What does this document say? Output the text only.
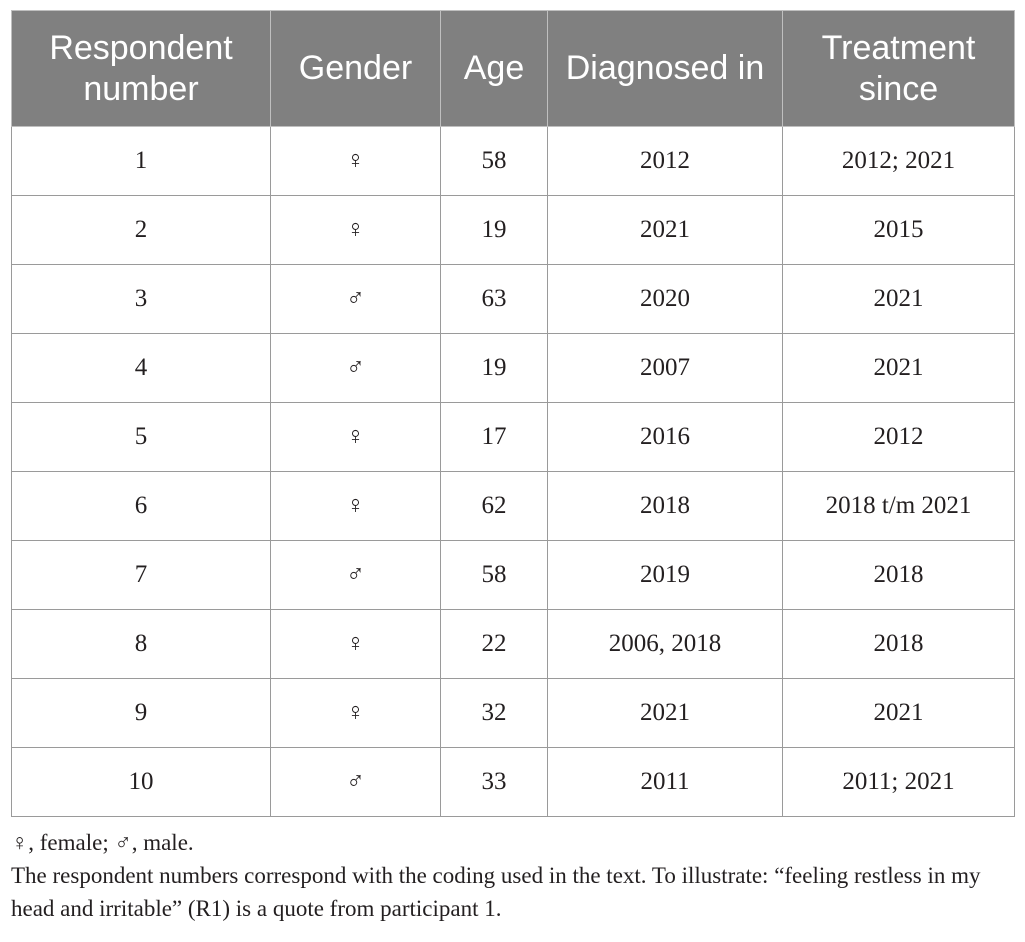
Respondent number	Gender	Age	Diagnosed in	Treatment since
1	♀	58	2012	2012; 2021
2	♀	19	2021	2015
3	♂	63	2020	2021
4	♂	19	2007	2021
5	♀	17	2016	2012
6	♀	62	2018	2018 t/m 2021
7	♂	58	2019	2018
8	♀	22	2006, 2018	2018
9	♀	32	2021	2021
10	♂	33	2011	2011; 2021

♀, female; ♂, male.

The respondent numbers correspond with the coding used in the text. To illustrate: “feeling restless in my head and irritable” (R1) is a quote from participant 1.
